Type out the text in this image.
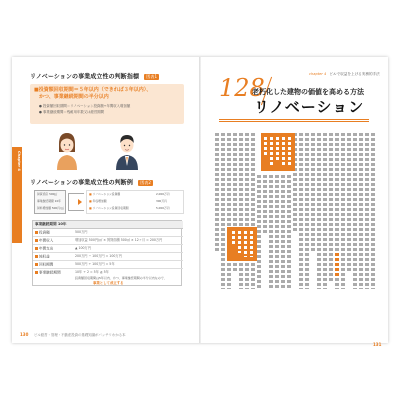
リノベーションの事業成立性の判断指標 図表1
■投資額回収期間＝５年以内（できれば３年以内）、
かつ、事業継続期間の半分以内
● 投資額回収期間＝リノベーション投資額÷年間収入増加額
● 事業継続期間＝残耐用年数又は経営期間
リノベーションの事業成立性の判断例 図表2
賃貸延床 500㎡
事業継続期間 10年
賃料増加額 500円/㎡
■ リノベーション投資額	2,000万円
■ 年収増加額	300万円
■ リノベーション投資回収期間	5,000万円
事業継続期間 10年
投資額	500万円
年間収入	増加収益 500円/㎡ × 賃貸面積 500㎡ × 12ヶ月 = 200万円
年間支出	▲ 100万円
純収益	200万円 − 100万円 = 100万円
回収期間	500万円 ÷ 100万円 = 5年
事業継続期間	10年 ÷ 2 = 5年 ≧ 5年
投資額回収期間は5年以内、かつ、事業継続期間の半分以内なので、
事業として成立する
Chapter 4
130 ビル経営・管理・不動産投資の基礎知識がバッチリわかる本
chapter 4 ビルで収益を上げる実務的手法
128
老朽化した建物の価値を高める方法
リノベーション
131
